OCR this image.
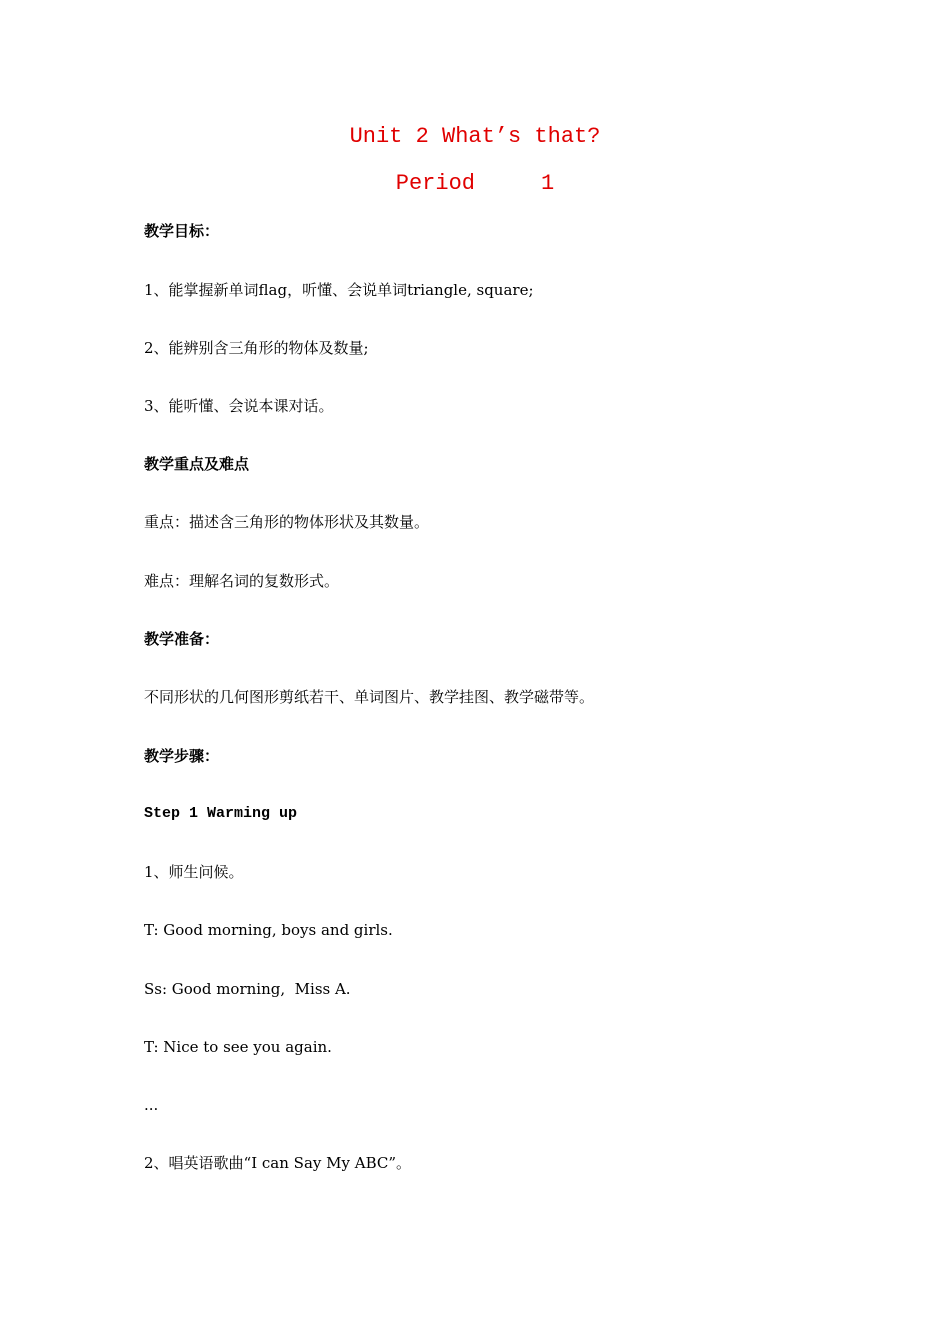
Unit 2 What’s that?
Period     1
教学目标：
1、能掌握新单词flag，听懂、会说单词triangle, square;
2、能辨别含三角形的物体及数量;
3、能听懂、会说本课对话。
教学重点及难点
重点：描述含三角形的物体形状及其数量。
难点：理解名词的复数形式。
教学准备：
不同形状的几何图形剪纸若干、单词图片、教学挂图、教学磁带等。
教学步骤：
Step 1 Warming up
1、师生问候。
T: Good morning, boys and girls.
Ss: Good morning,  Miss A.
T: Nice to see you again.
...
2、唱英语歌曲“I can Say My ABC”。
